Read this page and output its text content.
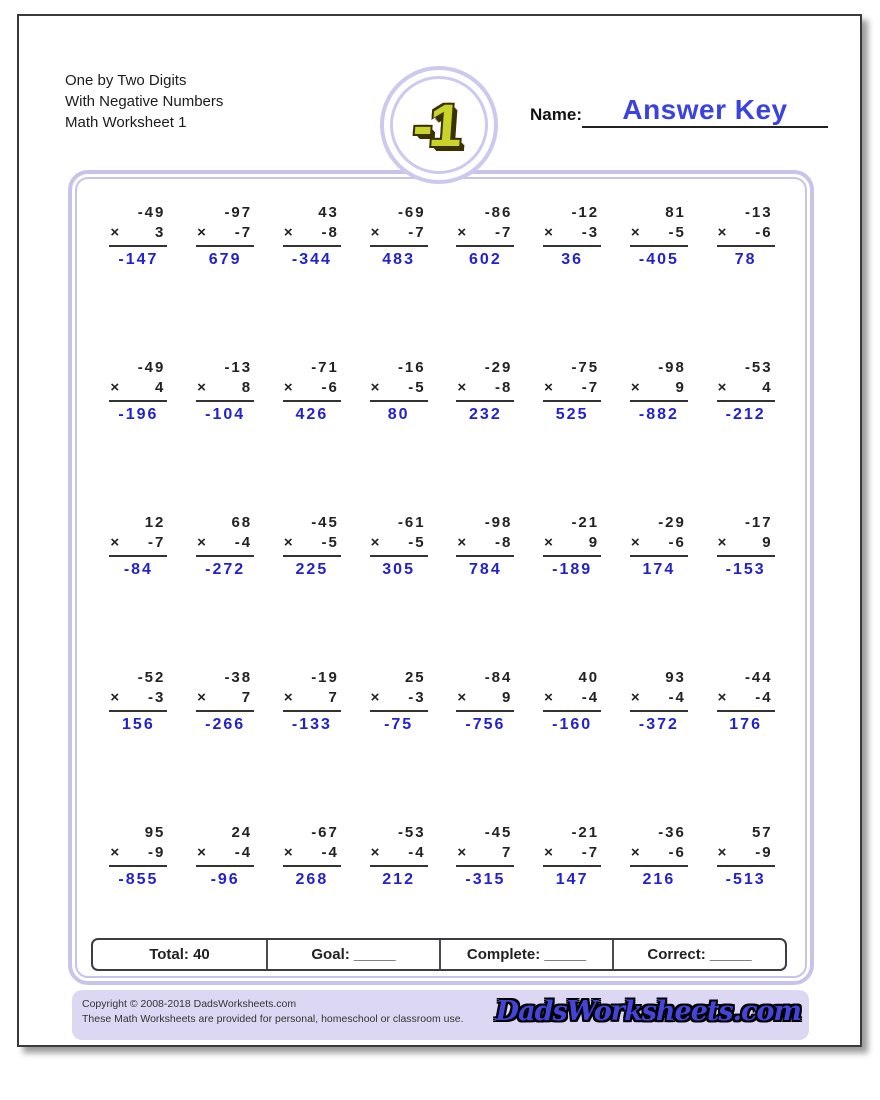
One by Two Digits
With Negative Numbers
Math Worksheet 1	-1	Name:	Answer Key
-49
× 3
-147
-97
× -7
679
43
× -8
-344
-69
× -7
483
-86
× -7
602
-12
× -3
36
81
× -5
-405
-13
× -6
78
-49
× 4
-196
-13
× 8
-104
-71
× -6
426
-16
× -5
80
-29
× -8
232
-75
× -7
525
-98
× 9
-882
-53
× 4
-212
12
× -7
-84
68
× -4
-272
-45
× -5
225
-61
× -5
305
-98
× -8
784
-21
× 9
-189
-29
× -6
174
-17
× 9
-153
-52
× -3
156
-38
× 7
-266
-19
× 7
-133
25
× -3
-75
-84
× 9
-756
40
× -4
-160
93
× -4
-372
-44
× -4
176
95
× -9
-855
24
× -4
-96
-67
× -4
268
-53
× -4
212
-45
× 7
-315
-21
× -7
147
-36
× -6
216
57
× -9
-513
Total: 40	Goal: _____	Complete: _____	Correct: _____
Copyright © 2008-2018 DadsWorksheets.com
These Math Worksheets are provided for personal, homeschool or classroom use. DadsWorksheets.com
